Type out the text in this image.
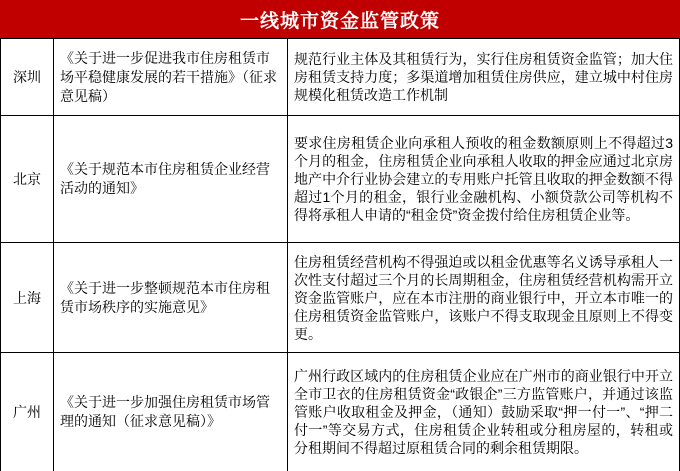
一线城市资金监管政策
深圳	《关于进一步促进我市住房租赁市场平稳健康发展的若干措施》（征求意见稿）	规范行业主体及其租赁行为，实行住房租赁资金监管；加大住房租赁支持力度；多渠道增加租赁住房供应，建立城中村住房规模化租赁改造工作机制
北京	《关于规范本市住房租赁企业经营活动的通知》	要求住房租赁企业向承租人预收的租金数额原则上不得超过3个月的租金，住房租赁企业向承租人收取的押金应通过北京房地产中介行业协会建立的专用账户托管且收取的押金数额不得超过1个月的租金，银行业金融机构、小额贷款公司等机构不得将承租人申请的“租金贷”资金拨付给住房租赁企业等。
上海	《关于进一步整顿规范本市住房租赁市场秩序的实施意见》	住房租赁经营机构不得强迫或以租金优惠等名义诱导承租人一次性支付超过三个月的长周期租金，住房租赁经营机构需开立资金监管账户，应在本市注册的商业银行中，开立本市唯一的住房租赁资金监管账户，该账户不得支取现金且原则上不得变更。
广州	《关于进一步加强住房租赁市场管理的通知（征求意见稿）》	广州行政区域内的住房租赁企业应在广州市的商业银行中开立全市卫衣的住房租赁资金“政银企”三方监管账户，并通过该监管账户收取租金及押金，（通知）鼓励采取“押一付一”、“押二付一”等交易方式，住房租赁企业转租或分租房屋的，转租或分租期间不得超过原租赁合同的剩余租赁期限。
